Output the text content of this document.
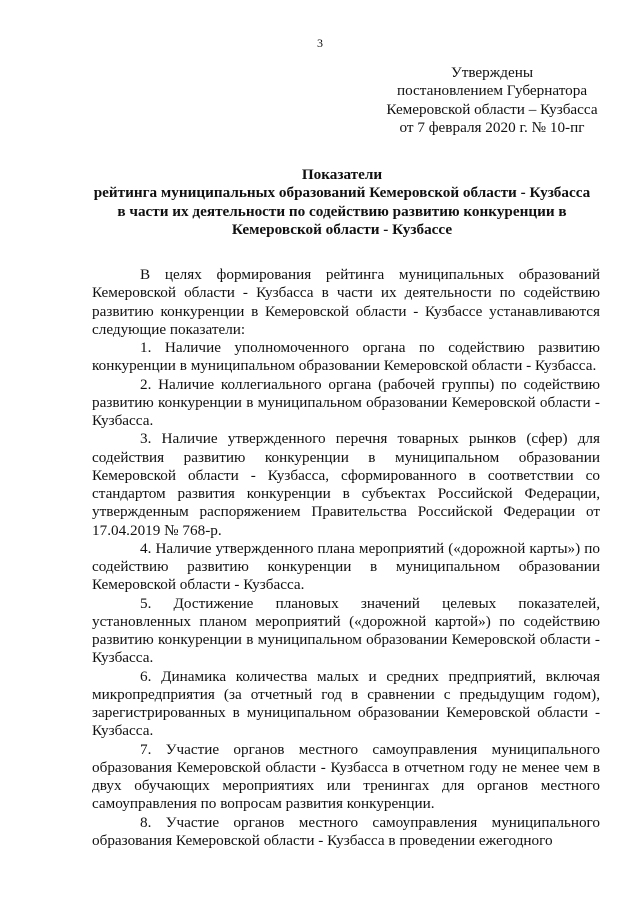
3
Утверждены
постановлением Губернатора
Кемеровской области – Кузбасса
от 7 февраля 2020 г. № 10-пг
Показатели
рейтинга муниципальных образований Кемеровской области - Кузбасса
в части их деятельности по содействию развитию конкуренции в
Кемеровской области - Кузбассе

В целях формирования рейтинга муниципальных образований Кемеровской области - Кузбасса в части их деятельности по содействию развитию конкуренции в Кемеровской области - Кузбассе устанавливаются следующие показатели:

1. Наличие уполномоченного органа по содействию развитию конкуренции в муниципальном образовании Кемеровской области - Кузбасса.

2. Наличие коллегиального органа (рабочей группы) по содействию развитию конкуренции в муниципальном образовании Кемеровской области - Кузбасса.

3. Наличие утвержденного перечня товарных рынков (сфер) для содействия развитию конкуренции в муниципальном образовании Кемеровской области - Кузбасса, сформированного в соответствии со стандартом развития конкуренции в субъектах Российской Федерации, утвержденным распоряжением Правительства Российской Федерации от 17.04.2019 № 768-р.

4. Наличие утвержденного плана мероприятий («дорожной карты») по содействию развитию конкуренции в муниципальном образовании Кемеровской области - Кузбасса.

5. Достижение плановых значений целевых показателей, установленных планом мероприятий («дорожной картой») по содействию развитию конкуренции в муниципальном образовании Кемеровской области - Кузбасса.

6. Динамика количества малых и средних предприятий, включая микропредприятия (за отчетный год в сравнении с предыдущим годом), зарегистрированных в муниципальном образовании Кемеровской области - Кузбасса.

7. Участие органов местного самоуправления муниципального образования Кемеровской области - Кузбасса в отчетном году не менее чем в двух обучающих мероприятиях или тренингах для органов местного самоуправления по вопросам развития конкуренции.

8. Участие органов местного самоуправления муниципального образования Кемеровской области - Кузбасса в проведении ежегодного
